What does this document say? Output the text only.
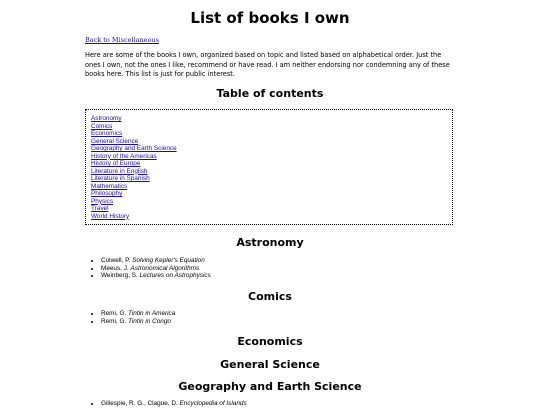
List of books I own
Back to Miscellaneous

Here are some of the books I own, organized based on topic and listed based on alphabetical order. Just the ones I own, not the ones I like, recommend or have read. I am neither endorsing nor condemning any of these books here. This list is just for public interest.

Table of contents
Astronomy
Comics
Economics
General Science
Geography and Earth Science
History of the Americas
History of Europe
Literature in English
Literature in Spanish
Mathematics
Philosophy
Physics
Travel
World History
Astronomy
• Colwell, P. Solving Kepler's Equation
• Meeus, J. Astronomical Algorithms
• Weinberg, S. Lectures on Astrophysics
Comics
• Remi, G. Tintin in America
• Remi, G. Tintin in Congo
Economics
General Science
Geography and Earth Science
• Gillespie, R. G., Clague, D. Encyclopedia of Islands
